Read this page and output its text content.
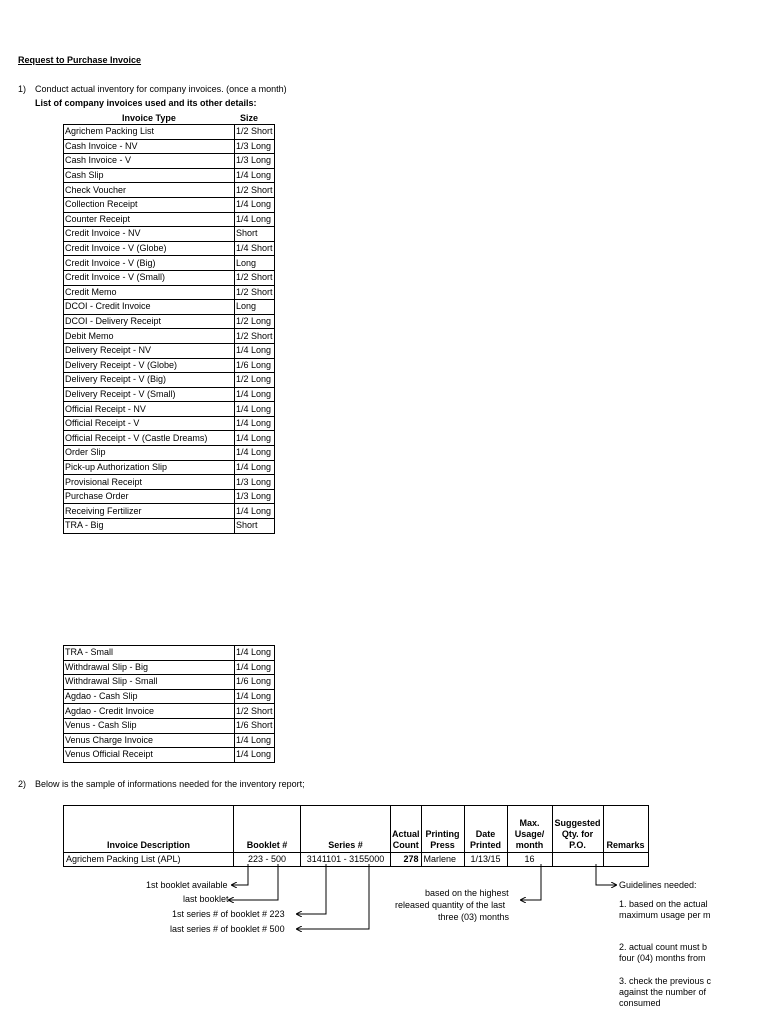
Request to Purchase Invoice
1) Conduct actual inventory for company invoices. (once a month)
List of company invoices used and its other details:
Invoice Type	Size
Agrichem Packing List	1/2 Short
Cash Invoice - NV	1/3 Long
Cash Invoice - V	1/3 Long
Cash Slip	1/4 Long
Check Voucher	1/2 Short
Collection Receipt	1/4 Long
Counter Receipt	1/4 Long
Credit Invoice - NV	Short
Credit Invoice - V (Globe)	1/4 Short
Credit Invoice - V (Big)	Long
Credit Invoice - V (Small)	1/2 Short
Credit Memo	1/2 Short
DCOI - Credit Invoice	Long
DCOI - Delivery Receipt	1/2 Long
Debit Memo	1/2 Short
Delivery Receipt - NV	1/4 Long
Delivery Receipt - V (Globe)	1/6 Long
Delivery Receipt - V (Big)	1/2 Long
Delivery Receipt - V (Small)	1/4 Long
Official Receipt - NV	1/4 Long
Official Receipt - V	1/4 Long
Official Receipt - V (Castle Dreams)	1/4 Long
Order Slip	1/4 Long
Pick-up Authorization Slip	1/4 Long
Provisional Receipt	1/3 Long
Purchase Order	1/3 Long
Receiving Fertilizer	1/4 Long
TRA - Big	Short
TRA - Small	1/4 Long
Withdrawal Slip - Big	1/4 Long
Withdrawal Slip - Small	1/6 Long
Agdao - Cash Slip	1/4 Long
Agdao - Credit Invoice	1/2 Short
Venus - Cash Slip	1/6 Short
Venus Charge Invoice	1/4 Long
Venus Official Receipt	1/4 Long
2) Below is the sample of informations needed for the inventory report;
Invoice Description	Booklet #	Series #	Actual Count	Printing Press	Date Printed	Max. Usage/ month	Suggested Qty. for P.O.	Remarks
Agrichem Packing List (APL)	223 - 500	3141101 - 3155000	278	Marlene	1/13/15	16		
1st booklet available
last booklet
1st series # of booklet # 223
last series # of booklet # 500
based on the highest
released quantity of the last
three (03) months
Guidelines needed:
1. based on the actual
maximum usage per m
2. actual count must b
four (04) months from
3. check the previous c
against the number of
consumed
